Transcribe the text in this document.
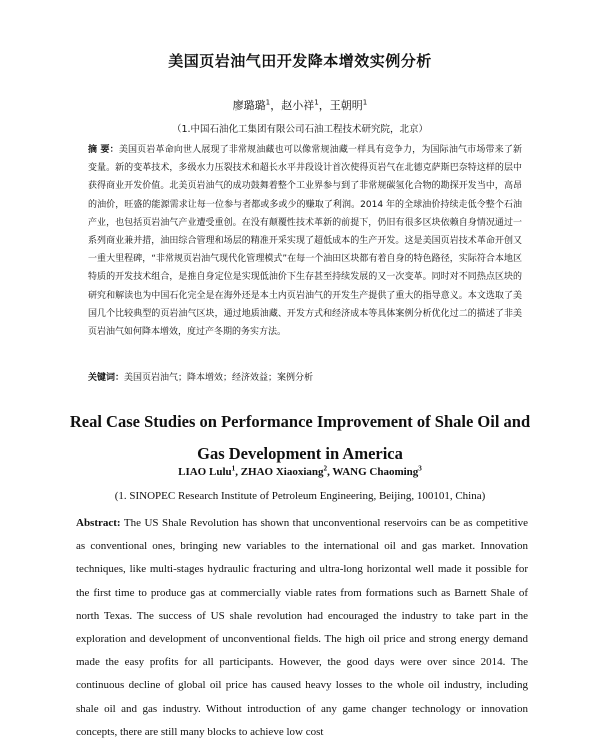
美国页岩油气田开发降本增效实例分析
廖璐璐$^1$，赵小祥$^1$，王朝明$^1$
（1.中国石油化工集团有限公司石油工程技术研究院，北京）
摘 要：美国页岩革命向世人展现了非常规油藏也可以像常规油藏一样具有竞争力，为国际油气市场带来了新变量。新的变革技术，多级水力压裂技术和超长水平井段设计首次使得页岩气在北德克萨斯巴奈特这样的层中获得商业开发价值。北美页岩油气的成功鼓舞着整个工业界参与到了非常规碳氢化合物的勘探开发当中，高昂的油价，旺盛的能源需求让每一位参与者都或多或少的赚取了利润。2014 年的全球油价持续走低令整个石油产业，也包括页岩油气产业遭受重创。在没有颠覆性技术革新的前提下，仍旧有很多区块依赖自身情况通过一系列商业兼并措，油田综合管理和场层的精准开采实现了超低成本的生产开发。这是美国页岩技术革命开创又一重大里程碑，“非常规页岩油气现代化管理模式”在每一个油田区块都有着自身的特色路径，实际符合本地区特质的开发技术组合，是推自身定位是实现低油价下生存甚至持续发展的又一次变革。同时对不同热点区块的研究和解读也为中国石化完全是在海外还是本土内页岩油气的开发生产提供了重大的指导意义。本文选取了美国几个比较典型的页岩油气区块，通过地质油藏、开发方式和经济成本等具体案例分析优化过二的描述了非美页岩油气如何降本增效，度过产冬期的务实方法。
关键词：美国页岩油气；降本增效；经济效益；案例分析
Real Case Studies on Performance Improvement of Shale Oil and Gas Development in America
LIAO Lulu$^1$, ZHAO Xiaoxiang$^2$, WANG Chaoming$^3$
(1. SINOPEC Research Institute of Petroleum Engineering, Beijing, 100101, China)
Abstract: The US Shale Revolution has shown that unconventional reservoirs can be as competitive as conventional ones, bringing new variables to the international oil and gas market. Innovation techniques, like multi-stages hydraulic fracturing and ultra-long horizontal well made it possible for the first time to produce gas at commercially viable rates from formations such as Barnett Shale of north Texas. The success of US shale revolution had encouraged the industry to take part in the exploration and development of unconventional fields. The high oil price and strong energy demand made the easy profits for all participants. However, the good days were over since 2014. The continuous decline of global oil price has caused heavy losses to the whole oil industry, including shale oil and gas industry. Without introduction of any game changer technology or innovation concepts, there are still many blocks to achieve low cost
